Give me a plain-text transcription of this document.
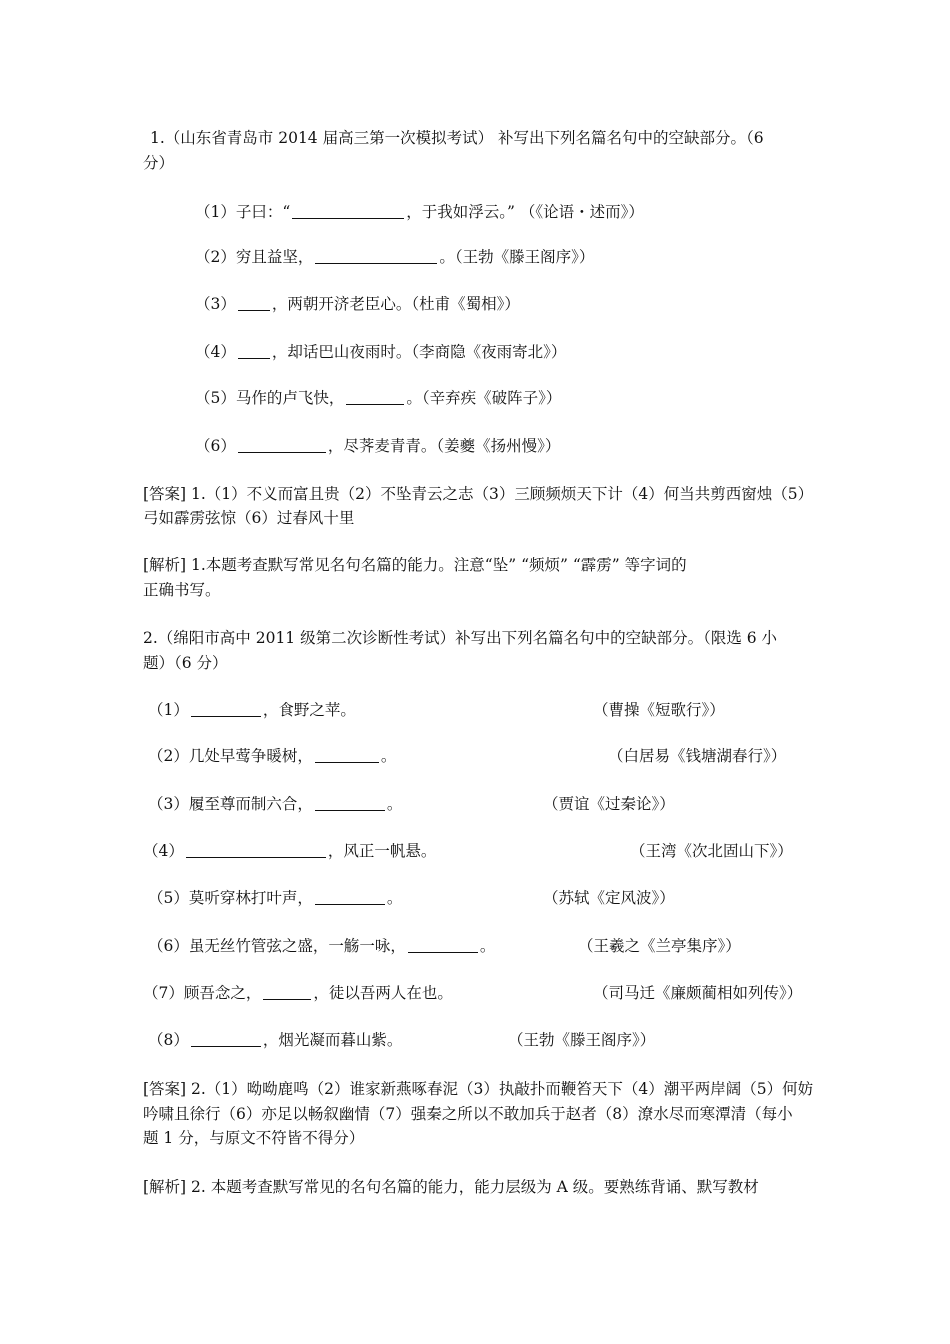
1.（山东省青岛市 2014 届高三第一次模拟考试） 补写出下列名篇名句中的空缺部分。（6
分）
（1）子曰：“	，于我如浮云。” （《论语・述而》）
（2）穷且益坚，	。（王勃《滕王阁序》）
（3） ，两朝开济老臣心。（杜甫《蜀相》）
（4） ，却话巴山夜雨时。（李商隐《夜雨寄北》）
（5）马作的卢飞快，	。（辛弃疾《破阵子》）
（6）	，尽荠麦青青。（姜夔《扬州慢》）
[答案] 1.（1）不义而富且贵（2）不坠青云之志（3）三顾频烦天下计（4）何当共剪西窗烛（5）
弓如霹雳弦惊（6）过春风十里
[解析] 1.本题考查默写常见名句名篇的能力。注意“坠” “频烦” “霹雳” 等字词的
正确书写。
2.（绵阳市高中 2011 级第二次诊断性考试）补写出下列名篇名句中的空缺部分。（限选 6 小
题）（6 分）
（1）	，食野之苹。	（曹操《短歌行》）
（2）几处早莺争暖树，	。	（白居易《钱塘湖春行》）
（3）履至尊而制六合，	。	（贾谊《过秦论》）
（4）	，风正一帆悬。	（王湾《次北固山下》）
（5）莫听穿林打叶声，	。	（苏轼《定风波》）
（6）虽无丝竹管弦之盛，一觞一咏，	。	（王羲之《兰亭集序》）
（7）顾吾念之，	，徒以吾两人在也。	（司马迁《廉颇蔺相如列传》）
（8）	，烟光凝而暮山紫。	（王勃《滕王阁序》）
[答案] 2.（1）呦呦鹿鸣（2）谁家新燕啄春泥（3）执敲扑而鞭笞天下（4）潮平两岸阔（5）何妨
吟啸且徐行（6）亦足以畅叙幽情（7）强秦之所以不敢加兵于赵者（8）潦水尽而寒潭清（每小
题 1 分，与原文不符皆不得分）
[解析] 2. 本题考查默写常见的名句名篇的能力，能力层级为 A 级。要熟练背诵、默写教材
